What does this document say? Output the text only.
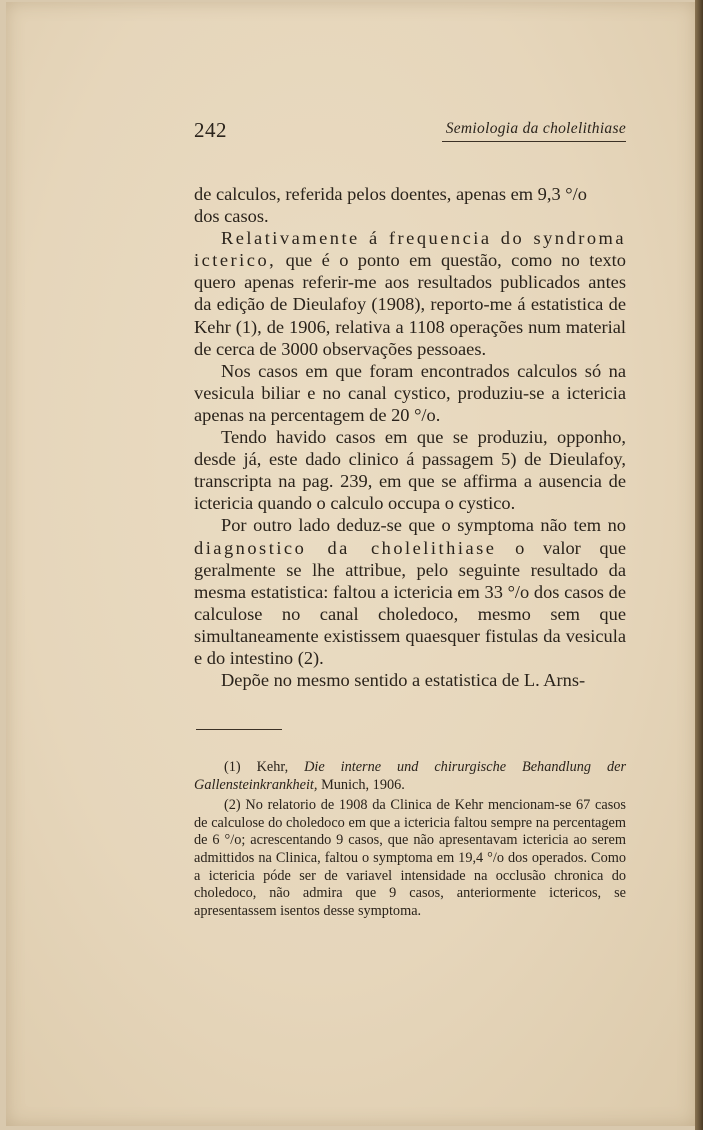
242	Semiologia da cholelithiase

de calculos, referida pelos doentes, apenas em 9,3 °/o
dos casos.

Relativamente á frequencia do syndroma icterico, que é o ponto em questão, como no texto quero apenas referir-me aos resultados publicados antes da edição de Dieulafoy (1908), reporto-me á estatistica de Kehr (1), de 1906, relativa a 1108 operações num material de cerca de 3000 observações pessoaes.

Nos casos em que foram encontrados calculos só na vesicula biliar e no canal cystico, produziu-se a ictericia apenas na percentagem de 20 °/o.

Tendo havido casos em que se produziu, opponho, desde já, este dado clinico á passagem 5) de Dieulafoy, transcripta na pag. 239, em que se affirma a ausencia de ictericia quando o calculo occupa o cystico.

Por outro lado deduz-se que o symptoma não tem no diagnostico da cholelithiase o valor que geralmente se lhe attribue, pelo seguinte resultado da mesma estatistica: faltou a ictericia em 33 °/o dos casos de calculose no canal choledoco, mesmo sem que simultaneamente existissem quaesquer fistulas da vesicula e do intestino (2).

Depõe no mesmo sentido a estatistica de L. Arns-

(1) Kehr, Die interne und chirurgische Behandlung der Gallensteinkrankheit, Munich, 1906.

(2) No relatorio de 1908 da Clinica de Kehr mencionam-se 67 casos de calculose do choledoco em que a ictericia faltou sempre na percentagem de 6 °/o; acrescentando 9 casos, que não apresentavam ictericia ao serem admittidos na Clinica, faltou o symptoma em 19,4 °/o dos operados. Como a ictericia póde ser de variavel intensidade na occlusão chronica do choledoco, não admira que 9 casos, anteriormente ictericos, se apresentassem isentos desse symptoma.
